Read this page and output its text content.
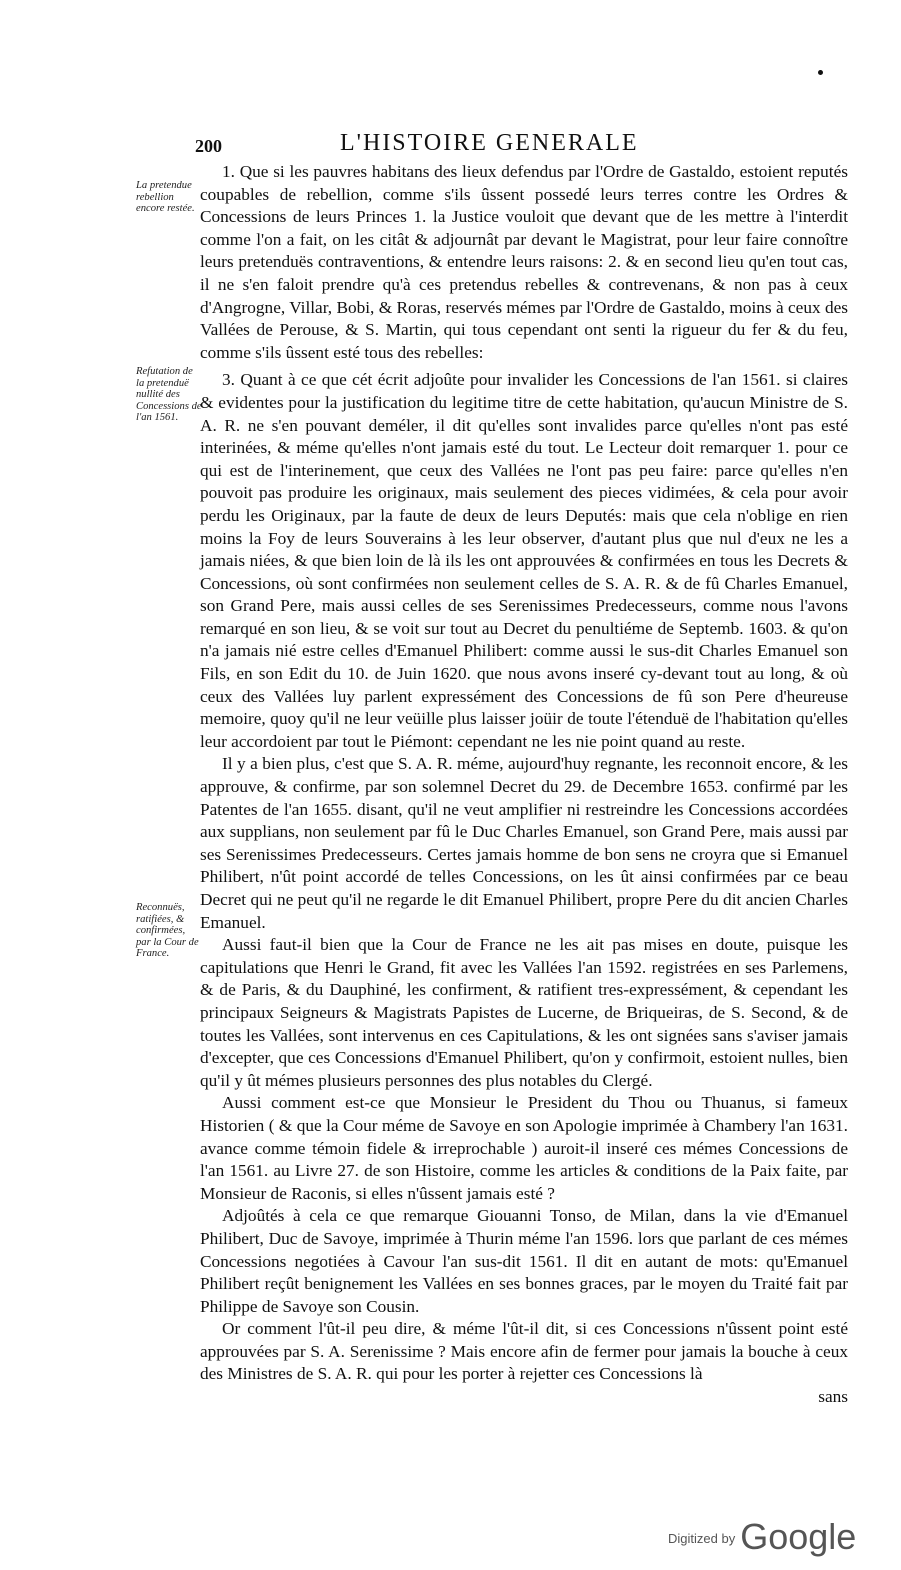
200	L'HISTOIRE GENERALE
La pretendue rebellion encore restée.
Refutation de la pretenduë nullité des Concessions de l'an 1561.
Reconnuës, ratifiées, & confirmées, par la Cour de France.

1. Que si les pauvres habitans des lieux defendus par l'Ordre de Gastaldo, estoient reputés coupables de rebellion, comme s'ils ûssent possedé leurs terres contre les Ordres & Concessions de leurs Princes 1. la Justice vouloit que devant que de les mettre à l'interdit comme l'on a fait, on les citât & adjournât par devant le Magistrat, pour leur faire connoître leurs pretenduës contraventions, & entendre leurs raisons: 2. & en second lieu qu'en tout cas, il ne s'en faloit prendre qu'à ces pretendus rebelles & contrevenans, & non pas à ceux d'Angrogne, Villar, Bobi, & Roras, reservés mémes par l'Ordre de Gastaldo, moins à ceux des Vallées de Perouse, & S. Martin, qui tous cependant ont senti la rigueur du fer & du feu, comme s'ils ûssent esté tous des rebelles:

3. Quant à ce que cét écrit adjoûte pour invalider les Concessions de l'an 1561. si claires & evidentes pour la justification du legitime titre de cette habitation, qu'aucun Ministre de S. A. R. ne s'en pouvant deméler, il dit qu'elles sont invalides parce qu'elles n'ont pas esté interinées, & méme qu'elles n'ont jamais esté du tout. Le Lecteur doit remarquer 1. pour ce qui est de l'interinement, que ceux des Vallées ne l'ont pas peu faire: parce qu'elles n'en pouvoit pas produire les originaux, mais seulement des pieces vidimées, & cela pour avoir perdu les Originaux, par la faute de deux de leurs Deputés: mais que cela n'oblige en rien moins la Foy de leurs Souverains à les leur observer, d'autant plus que nul d'eux ne les a jamais niées, & que bien loin de là ils les ont approuvées & confirmées en tous les Decrets & Concessions, où sont confirmées non seulement celles de S. A. R. & de fû Charles Emanuel, son Grand Pere, mais aussi celles de ses Serenissimes Predecesseurs, comme nous l'avons remarqué en son lieu, & se voit sur tout au Decret du penultiéme de Septemb. 1603. & qu'on n'a jamais nié estre celles d'Emanuel Philibert: comme aussi le sus-dit Charles Emanuel son Fils, en son Edit du 10. de Juin 1620. que nous avons inseré cy-devant tout au long, & où ceux des Vallées luy parlent expressément des Concessions de fû son Pere d'heureuse memoire, quoy qu'il ne leur veüille plus laisser joüir de toute l'étenduë de l'habitation qu'elles leur accordoient par tout le Piémont: cependant ne les nie point quand au reste.

Il y a bien plus, c'est que S. A. R. méme, aujourd'huy regnante, les reconnoit encore, & les approuve, & confirme, par son solemnel Decret du 29. de Decembre 1653. confirmé par les Patentes de l'an 1655. disant, qu'il ne veut amplifier ni restreindre les Concessions accordées aux supplians, non seulement par fû le Duc Charles Emanuel, son Grand Pere, mais aussi par ses Serenissimes Predecesseurs. Certes jamais homme de bon sens ne croyra que si Emanuel Philibert, n'ût point accordé de telles Concessions, on les ût ainsi confirmées par ce beau Decret qui ne peut qu'il ne regarde le dit Emanuel Philibert, propre Pere du dit ancien Charles Emanuel.

Aussi faut-il bien que la Cour de France ne les ait pas mises en doute, puisque les capitulations que Henri le Grand, fit avec les Vallées l'an 1592. registrées en ses Parlemens, & de Paris, & du Dauphiné, les confirment, & ratifient tres-expressément, & cependant les principaux Seigneurs & Magistrats Papistes de Lucerne, de Briqueiras, de S. Second, & de toutes les Vallées, sont intervenus en ces Capitulations, & les ont signées sans s'aviser jamais d'excepter, que ces Concessions d'Emanuel Philibert, qu'on y confirmoit, estoient nulles, bien qu'il y ût mémes plusieurs personnes des plus notables du Clergé.

Aussi comment est-ce que Monsieur le President du Thou ou Thuanus, si fameux Historien ( & que la Cour méme de Savoye en son Apologie imprimée à Chambery l'an 1631. avance comme témoin fidele & irreprochable ) auroit-il inseré ces mémes Concessions de l'an 1561. au Livre 27. de son Histoire, comme les articles & conditions de la Paix faite, par Monsieur de Raconis, si elles n'ûssent jamais esté ?

Adjoûtés à cela ce que remarque Giouanni Tonso, de Milan, dans la vie d'Emanuel Philibert, Duc de Savoye, imprimée à Thurin méme l'an 1596. lors que parlant de ces mémes Concessions negotiées à Cavour l'an sus-dit 1561. Il dit en autant de mots: qu'Emanuel Philibert reçût benignement les Vallées en ses bonnes graces, par le moyen du Traité fait par Philippe de Savoye son Cousin.

Or comment l'ût-il peu dire, & méme l'ût-il dit, si ces Concessions n'ûssent point esté approuvées par S. A. Serenissime ? Mais encore afin de fermer pour jamais la bouche à ceux des Ministres de S. A. R. qui pour les porter à rejetter ces Concessions là

sans
$^{Digitized by}$ Google
